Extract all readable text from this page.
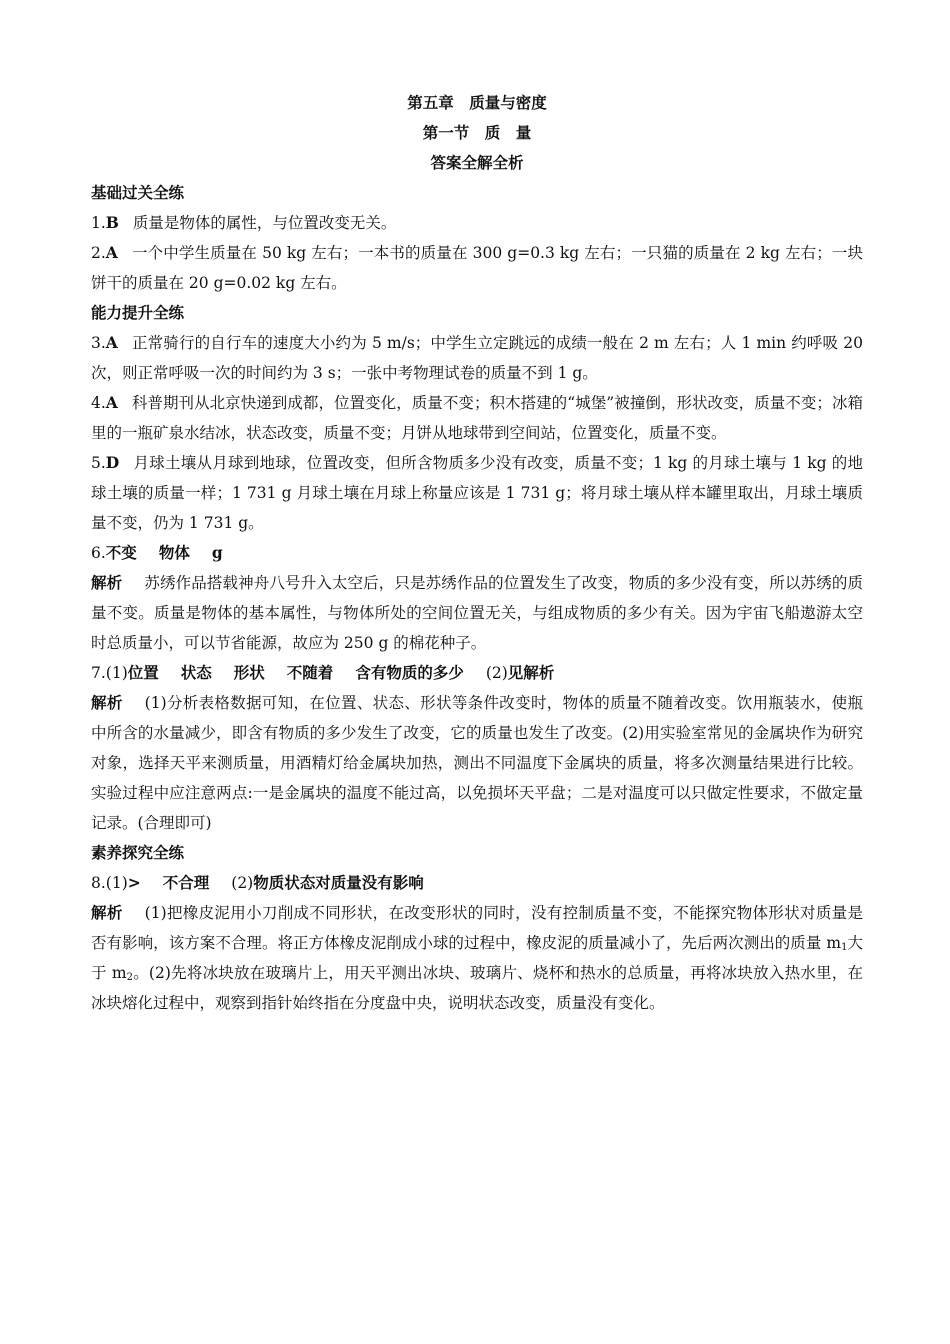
第五章　质量与密度
第一节　质　量
答案全解全析
基础过关全练
1.B 质量是物体的属性，与位置改变无关。
2.A 一个中学生质量在 50 kg 左右；一本书的质量在 300 g=0.3 kg 左右；一只猫的质量在 2 kg 左右；一块饼干的质量在 20 g=0.02 kg 左右。
能力提升全练
3.A 正常骑行的自行车的速度大小约为 5 m/s；中学生立定跳远的成绩一般在 2 m 左右；人 1 min 约呼吸 20 次，则正常呼吸一次的时间约为 3 s；一张中考物理试卷的质量不到 1 g。
4.A 科普期刊从北京快递到成都，位置变化，质量不变；积木搭建的“城堡”被撞倒，形状改变，质量不变；冰箱里的一瓶矿泉水结冰，状态改变，质量不变；月饼从地球带到空间站，位置变化，质量不变。
5.D 月球土壤从月球到地球，位置改变，但所含物质多少没有改变，质量不变；1 kg 的月球土壤与 1 kg 的地球土壤的质量一样；1 731 g 月球土壤在月球上称量应该是 1 731 g；将月球土壤从样本罐里取出，月球土壤质量不变，仍为 1 731 g。
6.不变 物体 g
解析 苏绣作品搭载神舟八号升入太空后，只是苏绣作品的位置发生了改变，物质的多少没有变，所以苏绣的质量不变。质量是物体的基本属性，与物体所处的空间位置无关，与组成物质的多少有关。因为宇宙飞船遨游太空时总质量小，可以节省能源，故应为 250 g 的棉花种子。
7.(1)位置 状态 形状 不随着 含有物质的多少 (2)见解析
解析 (1)分析表格数据可知，在位置、状态、形状等条件改变时，物体的质量不随着改变。饮用瓶装水，使瓶中所含的水量减少，即含有物质的多少发生了改变，它的质量也发生了改变。(2)用实验室常见的金属块作为研究对象，选择天平来测质量，用酒精灯给金属块加热，测出不同温度下金属块的质量，将多次测量结果进行比较。实验过程中应注意两点:一是金属块的温度不能过高，以免损坏天平盘；二是对温度可以只做定性要求，不做定量记录。(合理即可)
素养探究全练
8.(1)> 不合理 (2)物质状态对质量没有影响
解析 (1)把橡皮泥用小刀削成不同形状，在改变形状的同时，没有控制质量不变，不能探究物体形状对质量是否有影响，该方案不合理。将正方体橡皮泥削成小球的过程中，橡皮泥的质量减小了，先后两次测出的质量 $m_1$大于 $m_2$。(2)先将冰块放在玻璃片上，用天平测出冰块、玻璃片、烧杯和热水的总质量，再将冰块放入热水里，在冰块熔化过程中，观察到指针始终指在分度盘中央，说明状态改变，质量没有变化。
